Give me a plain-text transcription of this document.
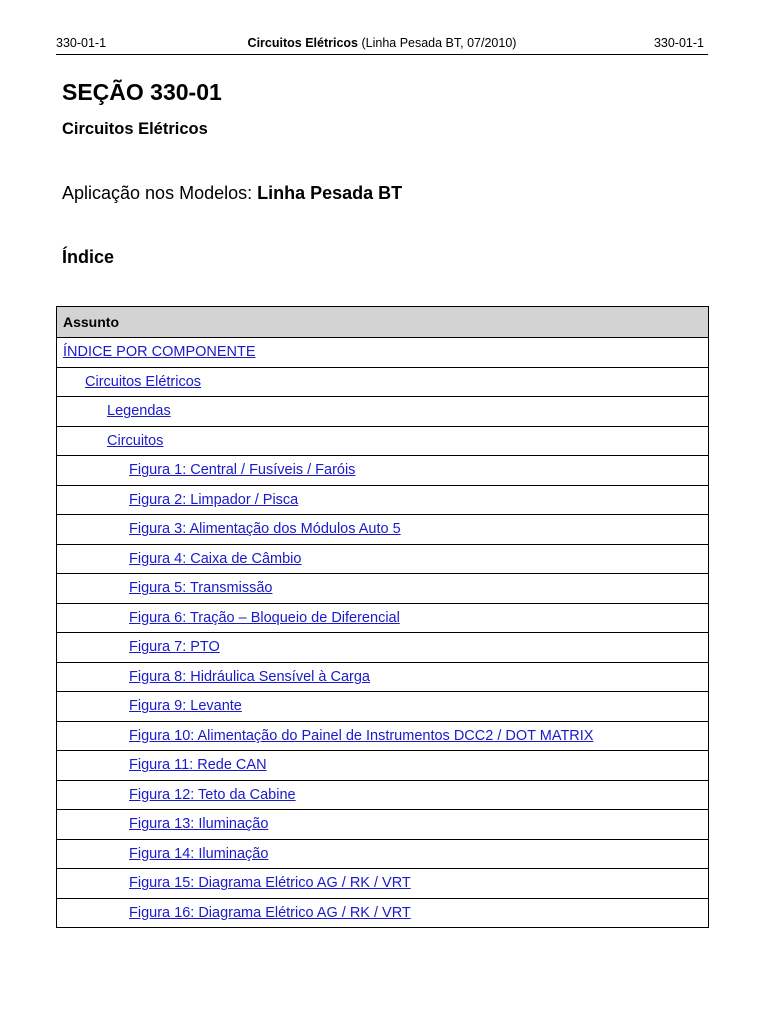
330-01-1	Circuitos Elétricos (Linha Pesada BT, 07/2010)	330-01-1
SEÇÃO 330-01
Circuitos Elétricos
Aplicação nos Modelos: Linha Pesada BT
Índice
Assunto
ÍNDICE POR COMPONENTE
Circuitos Elétricos
Legendas
Circuitos
Figura 1: Central / Fusíveis / Faróis
Figura 2: Limpador / Pisca
Figura 3: Alimentação dos Módulos Auto 5
Figura 4: Caixa de Câmbio
Figura 5: Transmissão
Figura 6: Tração – Bloqueio de Diferencial
Figura 7: PTO
Figura 8: Hidráulica Sensível à Carga
Figura 9: Levante
Figura 10: Alimentação do Painel de Instrumentos DCC2 / DOT MATRIX
Figura 11: Rede CAN
Figura 12: Teto da Cabine
Figura 13: Iluminação
Figura 14: Iluminação
Figura 15: Diagrama Elétrico AG / RK / VRT
Figura 16: Diagrama Elétrico AG / RK / VRT
